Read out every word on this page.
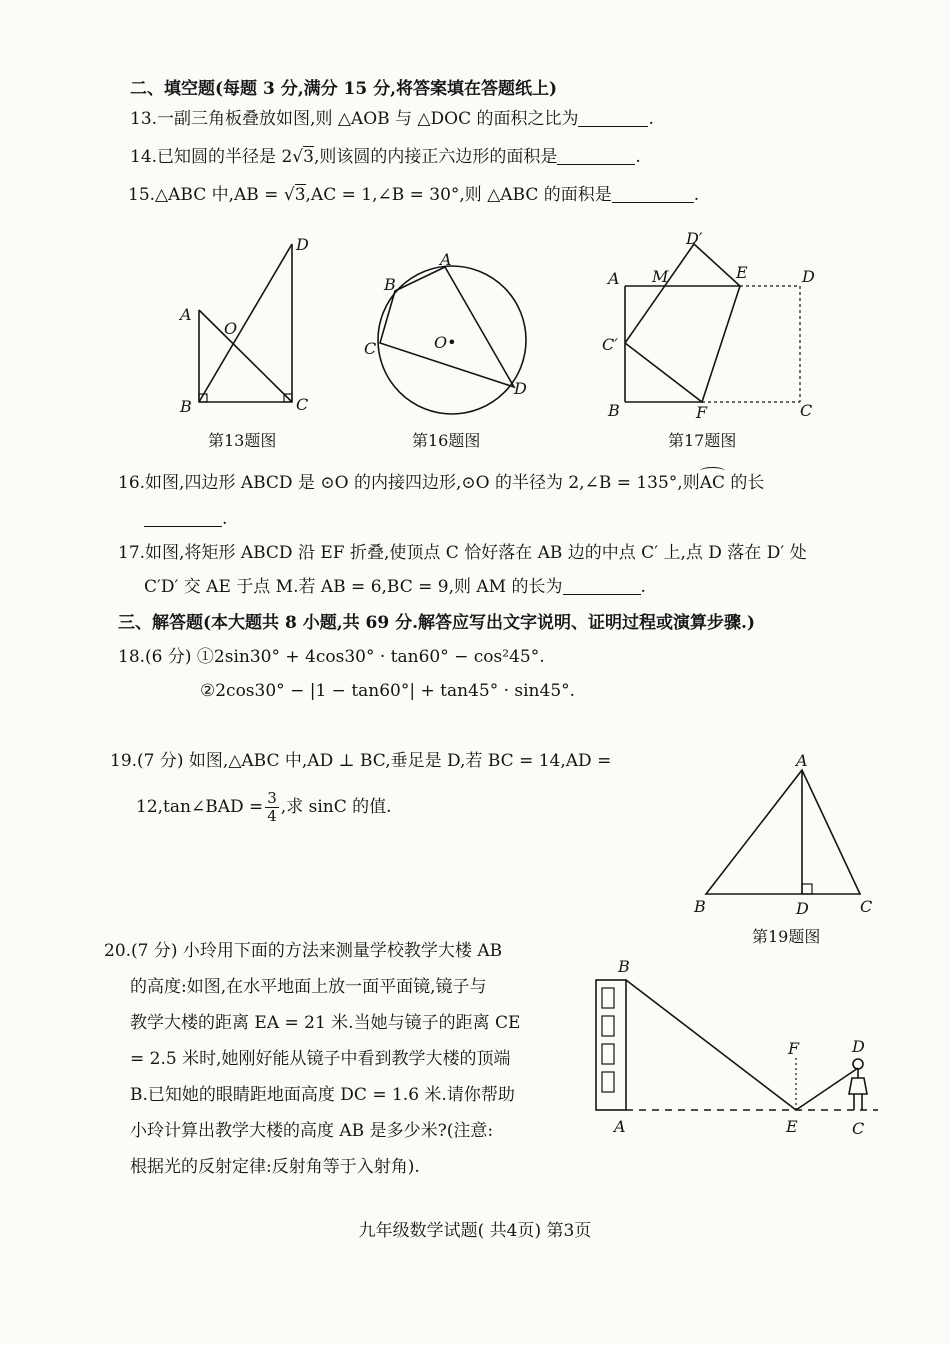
二、填空题(每题 3 分,满分 15 分,将答案填在答题纸上)
13.一副三角板叠放如图,则 △AOB 与 △DOC 的面积之比为	.
14.已知圆的半径是 2√3,则该圆的内接正六边形的面积是	.
15.△ABC 中,AB = √3,AC = 1,∠B = 30°,则 △ABC 的面积是	.
D
A
O
B	C
第13题图
A
B
C	O•
D
第16题图
D′
A M	E	D
C′
B	F	C
第17题图
16.如图,四边形 ABCD 是 ⊙O 的内接四边形,⊙O 的半径为 2,∠B = 135°,则AC 的长
.
17.如图,将矩形 ABCD 沿 EF 折叠,使顶点 C 恰好落在 AB 边的中点 C′ 上,点 D 落在 D′ 处
C′D′ 交 AE 于点 M.若 AB = 6,BC = 9,则 AM 的长为	.
三、解答题(本大题共 8 小题,共 69 分.解答应写出文字说明、证明过程或演算步骤.)
18.(6 分) ①2sin30° + 4cos30° · tan60° − cos²45°.
②2cos30° − |1 − tan60°| + tan45° · sin45°.
19.(7 分) 如图,△ABC 中,AD ⊥ BC,垂足是 D,若 BC = 14,AD =
12,tan∠BAD = $\frac{3}{4}$ ,求 sinC 的值.
A
B	D	C
第19题图
20.(7 分) 小玲用下面的方法来测量学校教学大楼 AB
的高度:如图,在水平地面上放一面平面镜,镜子与
教学大楼的距离 EA = 21 米.当她与镜子的距离 CE
= 2.5 米时,她刚好能从镜子中看到教学大楼的顶端
B.已知她的眼睛距地面高度 DC = 1.6 米.请你帮助
小玲计算出教学大楼的高度 AB 是多少米?(注意:
根据光的反射定律:反射角等于入射角).
B
A
F
E
D
C
九年级数学试题( 共4页) 第3页
